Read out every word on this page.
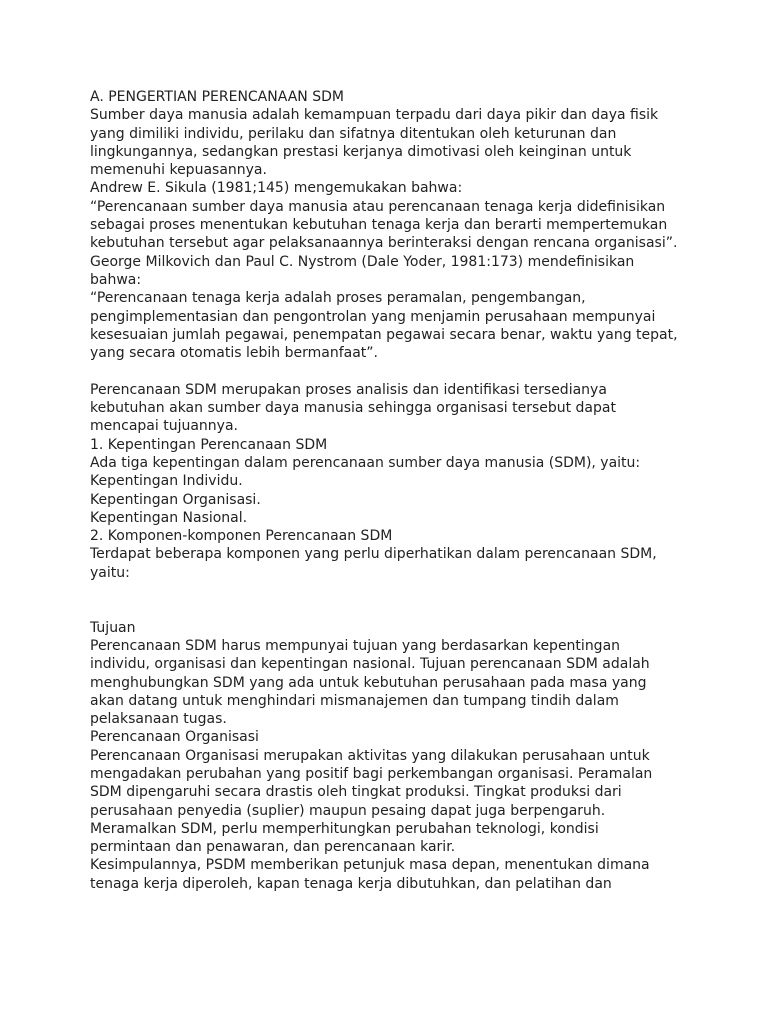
A. PENGERTIAN PERENCANAAN SDM
Sumber daya manusia adalah kemampuan terpadu dari daya pikir dan daya fisik
yang dimiliki individu, perilaku dan sifatnya ditentukan oleh keturunan dan
lingkungannya, sedangkan prestasi kerjanya dimotivasi oleh keinginan untuk
memenuhi kepuasannya.
Andrew E. Sikula (1981;145) mengemukakan bahwa:
“Perencanaan sumber daya manusia atau perencanaan tenaga kerja didefinisikan
sebagai proses menentukan kebutuhan tenaga kerja dan berarti mempertemukan
kebutuhan tersebut agar pelaksanaannya berinteraksi dengan rencana organisasi”.
George Milkovich dan Paul C. Nystrom (Dale Yoder, 1981:173) mendefinisikan
bahwa:
“Perencanaan tenaga kerja adalah proses peramalan, pengembangan,
pengimplementasian dan pengontrolan yang menjamin perusahaan mempunyai
kesesuaian jumlah pegawai, penempatan pegawai secara benar, waktu yang tepat,
yang secara otomatis lebih bermanfaat”.
Perencanaan SDM merupakan proses analisis dan identifikasi tersedianya
kebutuhan akan sumber daya manusia sehingga organisasi tersebut dapat
mencapai tujuannya.
1. Kepentingan Perencanaan SDM
Ada tiga kepentingan dalam perencanaan sumber daya manusia (SDM), yaitu:
Kepentingan Individu.
Kepentingan Organisasi.
Kepentingan Nasional.
2. Komponen-komponen Perencanaan SDM
Terdapat beberapa komponen yang perlu diperhatikan dalam perencanaan SDM,
yaitu:
Tujuan
Perencanaan SDM harus mempunyai tujuan yang berdasarkan kepentingan
individu, organisasi dan kepentingan nasional. Tujuan perencanaan SDM adalah
menghubungkan SDM yang ada untuk kebutuhan perusahaan pada masa yang
akan datang untuk menghindari mismanajemen dan tumpang tindih dalam
pelaksanaan tugas.
Perencanaan Organisasi
Perencanaan Organisasi merupakan aktivitas yang dilakukan perusahaan untuk
mengadakan perubahan yang positif bagi perkembangan organisasi. Peramalan
SDM dipengaruhi secara drastis oleh tingkat produksi. Tingkat produksi dari
perusahaan penyedia (suplier) maupun pesaing dapat juga berpengaruh.
Meramalkan SDM, perlu memperhitungkan perubahan teknologi, kondisi
permintaan dan penawaran, dan perencanaan karir.
Kesimpulannya, PSDM memberikan petunjuk masa depan, menentukan dimana
tenaga kerja diperoleh, kapan tenaga kerja dibutuhkan, dan pelatihan dan
